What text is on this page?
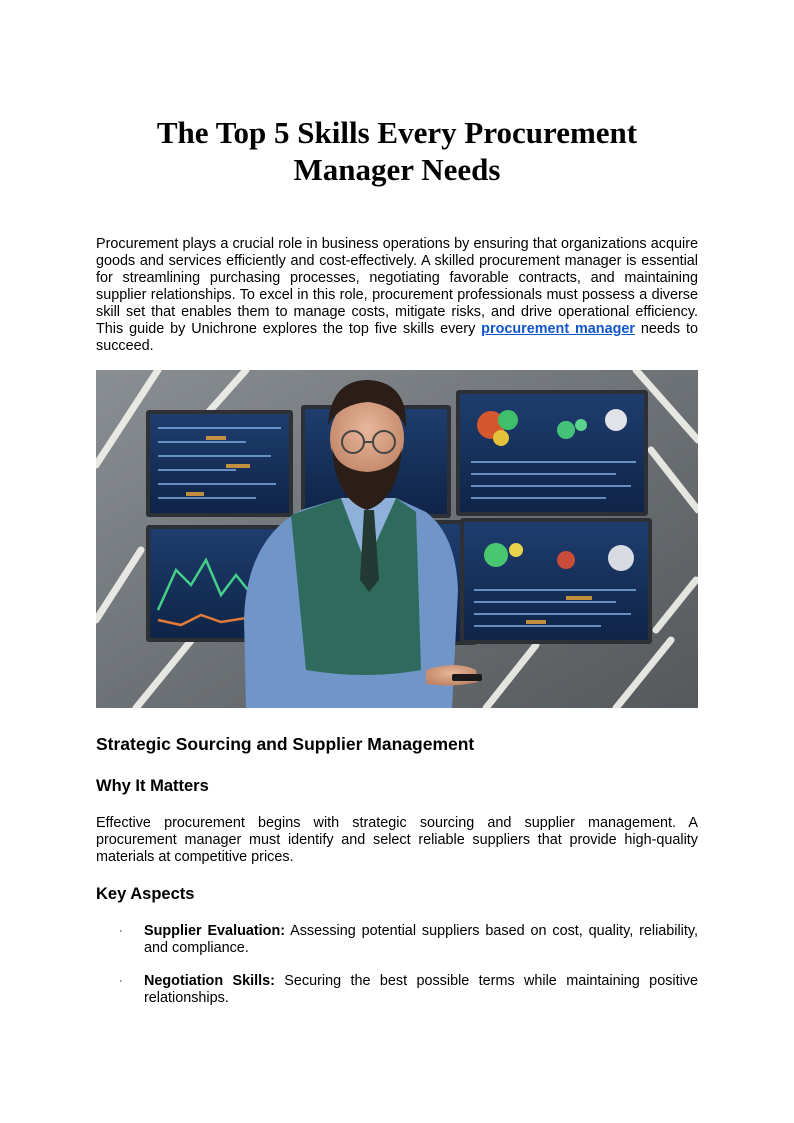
The Top 5 Skills Every Procurement Manager Needs

Procurement plays a crucial role in business operations by ensuring that organizations acquire goods and services efficiently and cost-effectively. A skilled procurement manager is essential for streamlining purchasing processes, negotiating favorable contracts, and maintaining supplier relationships. To excel in this role, procurement professionals must possess a diverse skill set that enables them to manage costs, mitigate risks, and drive operational efficiency. This guide by Unichrone explores the top five skills every procurement manager needs to succeed.

Strategic Sourcing and Supplier Management
Why It Matters

Effective procurement begins with strategic sourcing and supplier management. A procurement manager must identify and select reliable suppliers that provide high-quality materials at competitive prices.

Key Aspects
· Supplier Evaluation: Assessing potential suppliers based on cost, quality, reliability, and compliance.
· Negotiation Skills: Securing the best possible terms while maintaining positive relationships.
